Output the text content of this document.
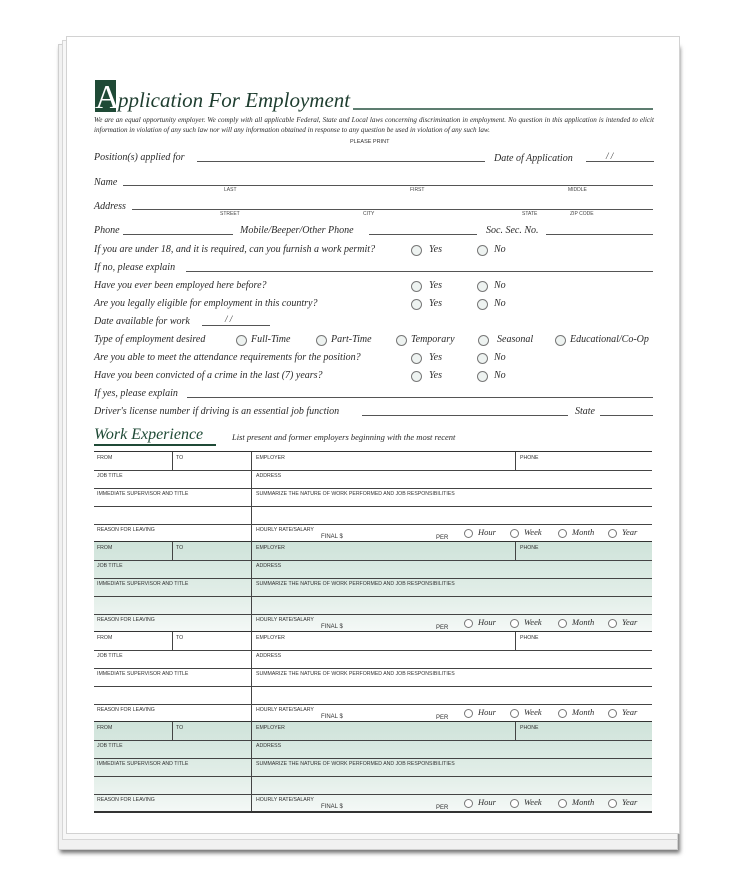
A
pplication For Employment
We are an equal opportunity employer. We comply with all applicable Federal, State and Local laws concerning discrimination in employment. No question in this application is intended to elicit information in violation of any such law nor will any information obtained in response to any question be used in violation of any such law.
PLEASE PRINT
Position(s) applied for	Date of Application	/ /
Name
LAST	FIRST	MIDDLE
Address
STREET	CITY	STATE	ZIP CODE
Phone	Mobile/Beeper/Other Phone	Soc. Sec. No.
If you are under 18, and it is required, can you furnish a work permit?	Yes	No
If no, please explain
Have you ever been employed here before?	Yes	No
Are you legally eligible for employment in this country?	Yes	No
Date available for work	/ /
Type of employment desired	Full-Time	Part-Time	Temporary	Seasonal	Educational/Co-Op
Are you able to meet the attendance requirements for the position?	Yes	No
Have you been convicted of a crime in the last (7) years?	Yes	No
If yes, please explain
Driver's license number if driving is an essential job function	State
Work Experience	List present and former employers beginning with the most recent
FROM	TO	EMPLOYER	PHONE
JOB TITLE	ADDRESS
IMMEDIATE SUPERVISOR AND TITLE	SUMMARIZE THE NATURE OF WORK PERFORMED AND JOB RESPONSIBILITIES
REASON FOR LEAVING	HOURLY RATE/SALARY
FINAL $	PER
Hour	Week	Month	Year
FROM	TO	EMPLOYER	PHONE
JOB TITLE	ADDRESS
IMMEDIATE SUPERVISOR AND TITLE	SUMMARIZE THE NATURE OF WORK PERFORMED AND JOB RESPONSIBILITIES
REASON FOR LEAVING	HOURLY RATE/SALARY
FINAL $	PER
Hour	Week	Month	Year
FROM	TO	EMPLOYER	PHONE
JOB TITLE	ADDRESS
IMMEDIATE SUPERVISOR AND TITLE	SUMMARIZE THE NATURE OF WORK PERFORMED AND JOB RESPONSIBILITIES
REASON FOR LEAVING	HOURLY RATE/SALARY
FINAL $	PER
Hour	Week	Month	Year
FROM	TO	EMPLOYER	PHONE
JOB TITLE	ADDRESS
IMMEDIATE SUPERVISOR AND TITLE	SUMMARIZE THE NATURE OF WORK PERFORMED AND JOB RESPONSIBILITIES
REASON FOR LEAVING	HOURLY RATE/SALARY
FINAL $	PER
Hour	Week	Month	Year
